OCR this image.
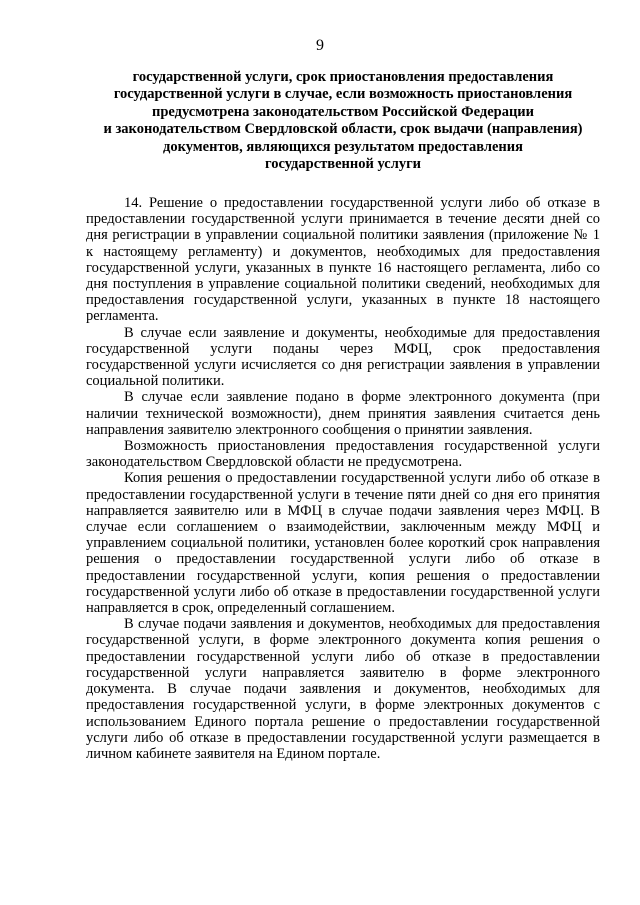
9
государственной услуги, срок приостановления предоставления
государственной услуги в случае, если возможность приостановления
предусмотрена законодательством Российской Федерации
и законодательством Свердловской области, срок выдачи (направления)
документов, являющихся результатом предоставления
государственной услуги

14. Решение о предоставлении государственной услуги либо об отказе в предоставлении государственной услуги принимается в течение десяти дней со дня регистрации в управлении социальной политики заявления (приложение № 1 к настоящему регламенту) и документов, необходимых для предоставления государственной услуги, указанных в пункте 16 настоящего регламента, либо со дня поступления в управление социальной политики сведений, необходимых для предоставления государственной услуги, указанных в пункте 18 настоящего регламента.

В случае если заявление и документы, необходимые для предоставления государственной услуги поданы через МФЦ, срок предоставления государственной услуги исчисляется со дня регистрации заявления в управлении социальной политики.

В случае если заявление подано в форме электронного документа (при наличии технической возможности), днем принятия заявления считается день направления заявителю электронного сообщения о принятии заявления.

Возможность приостановления предоставления государственной услуги законодательством Свердловской области не предусмотрена.

Копия решения о предоставлении государственной услуги либо об отказе в предоставлении государственной услуги в течение пяти дней со дня его принятия направляется заявителю или в МФЦ в случае подачи заявления через МФЦ. В случае если соглашением о взаимодействии, заключенным между МФЦ и управлением социальной политики, установлен более короткий срок направления решения о предоставлении государственной услуги либо об отказе в предоставлении государственной услуги, копия решения о предоставлении государственной услуги либо об отказе в предоставлении государственной услуги направляется в срок, определенный соглашением.

В случае подачи заявления и документов, необходимых для предоставления государственной услуги, в форме электронного документа копия решения о предоставлении государственной услуги либо об отказе в предоставлении государственной услуги направляется заявителю в форме электронного документа. В случае подачи заявления и документов, необходимых для предоставления государственной услуги, в форме электронных документов с использованием Единого портала решение о предоставлении государственной услуги либо об отказе в предоставлении государственной услуги размещается в личном кабинете заявителя на Едином портале.
